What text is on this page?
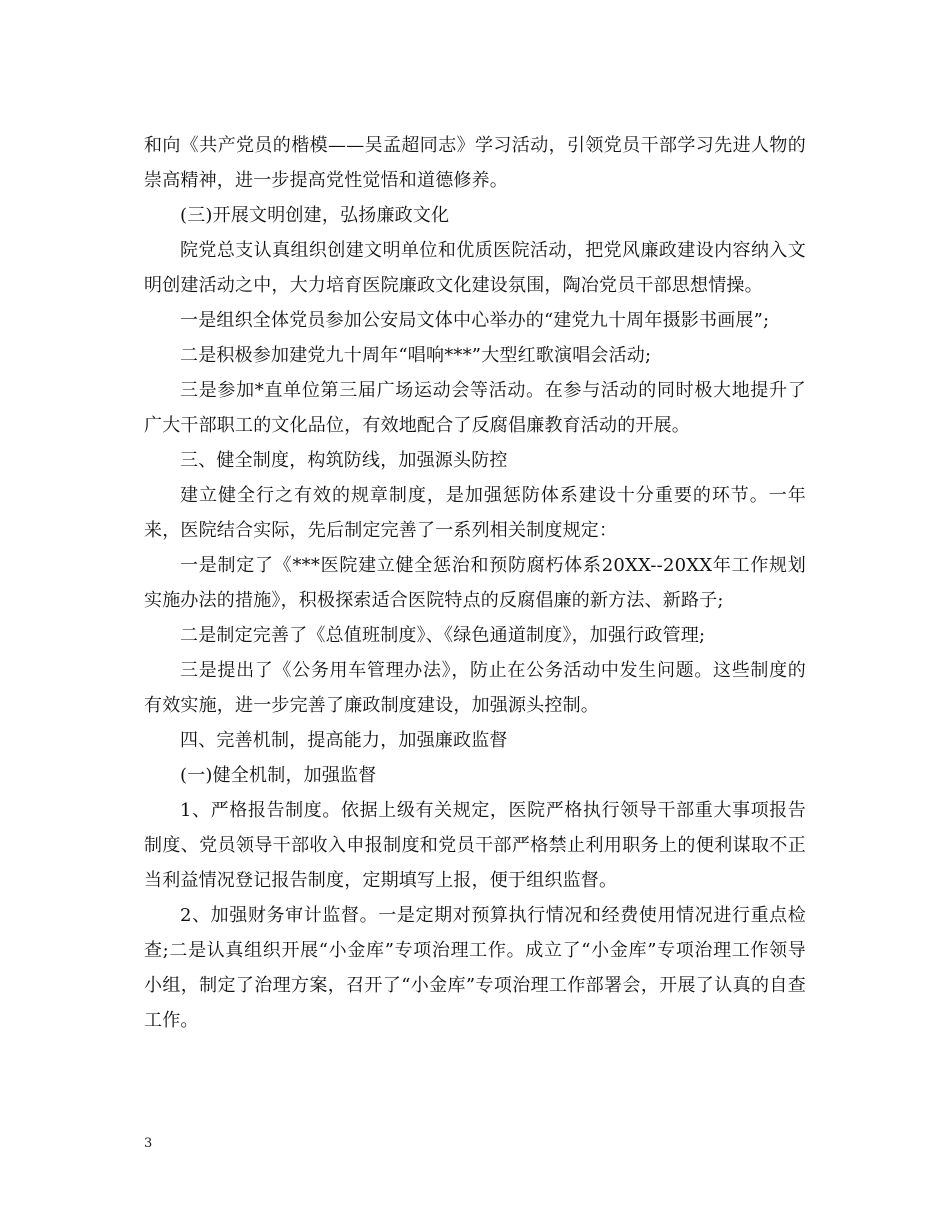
和向《共产党员的楷模——吴孟超同志》学习活动，引领党员干部学习先进人物的崇高精神，进一步提高党性觉悟和道德修养。

(三)开展文明创建，弘扬廉政文化

院党总支认真组织创建文明单位和优质医院活动，把党风廉政建设内容纳入文明创建活动之中，大力培育医院廉政文化建设氛围，陶冶党员干部思想情操。

一是组织全体党员参加公安局文体中心举办的“建党九十周年摄影书画展”;

二是积极参加建党九十周年“唱响***”大型红歌演唱会活动;

三是参加*直单位第三届广场运动会等活动。在参与活动的同时极大地提升了广大干部职工的文化品位，有效地配合了反腐倡廉教育活动的开展。

三、健全制度，构筑防线，加强源头防控

建立健全行之有效的规章制度，是加强惩防体系建设十分重要的环节。一年来，医院结合实际，先后制定完善了一系列相关制度规定：

一是制定了《***医院建立健全惩治和预防腐朽体系20XX--20XX年工作规划实施办法的措施》，积极探索适合医院特点的反腐倡廉的新方法、新路子;

二是制定完善了《总值班制度》、《绿色通道制度》，加强行政管理;

三是提出了《公务用车管理办法》，防止在公务活动中发生问题。这些制度的有效实施，进一步完善了廉政制度建设，加强源头控制。

四、完善机制，提高能力，加强廉政监督

(一)健全机制，加强监督

1、严格报告制度。依据上级有关规定，医院严格执行领导干部重大事项报告制度、党员领导干部收入申报制度和党员干部严格禁止利用职务上的便利谋取不正当利益情况登记报告制度，定期填写上报，便于组织监督。

2、加强财务审计监督。一是定期对预算执行情况和经费使用情况进行重点检查;二是认真组织开展“小金库”专项治理工作。成立了“小金库”专项治理工作领导小组，制定了治理方案，召开了“小金库”专项治理工作部署会，开展了认真的自查工作。

3
